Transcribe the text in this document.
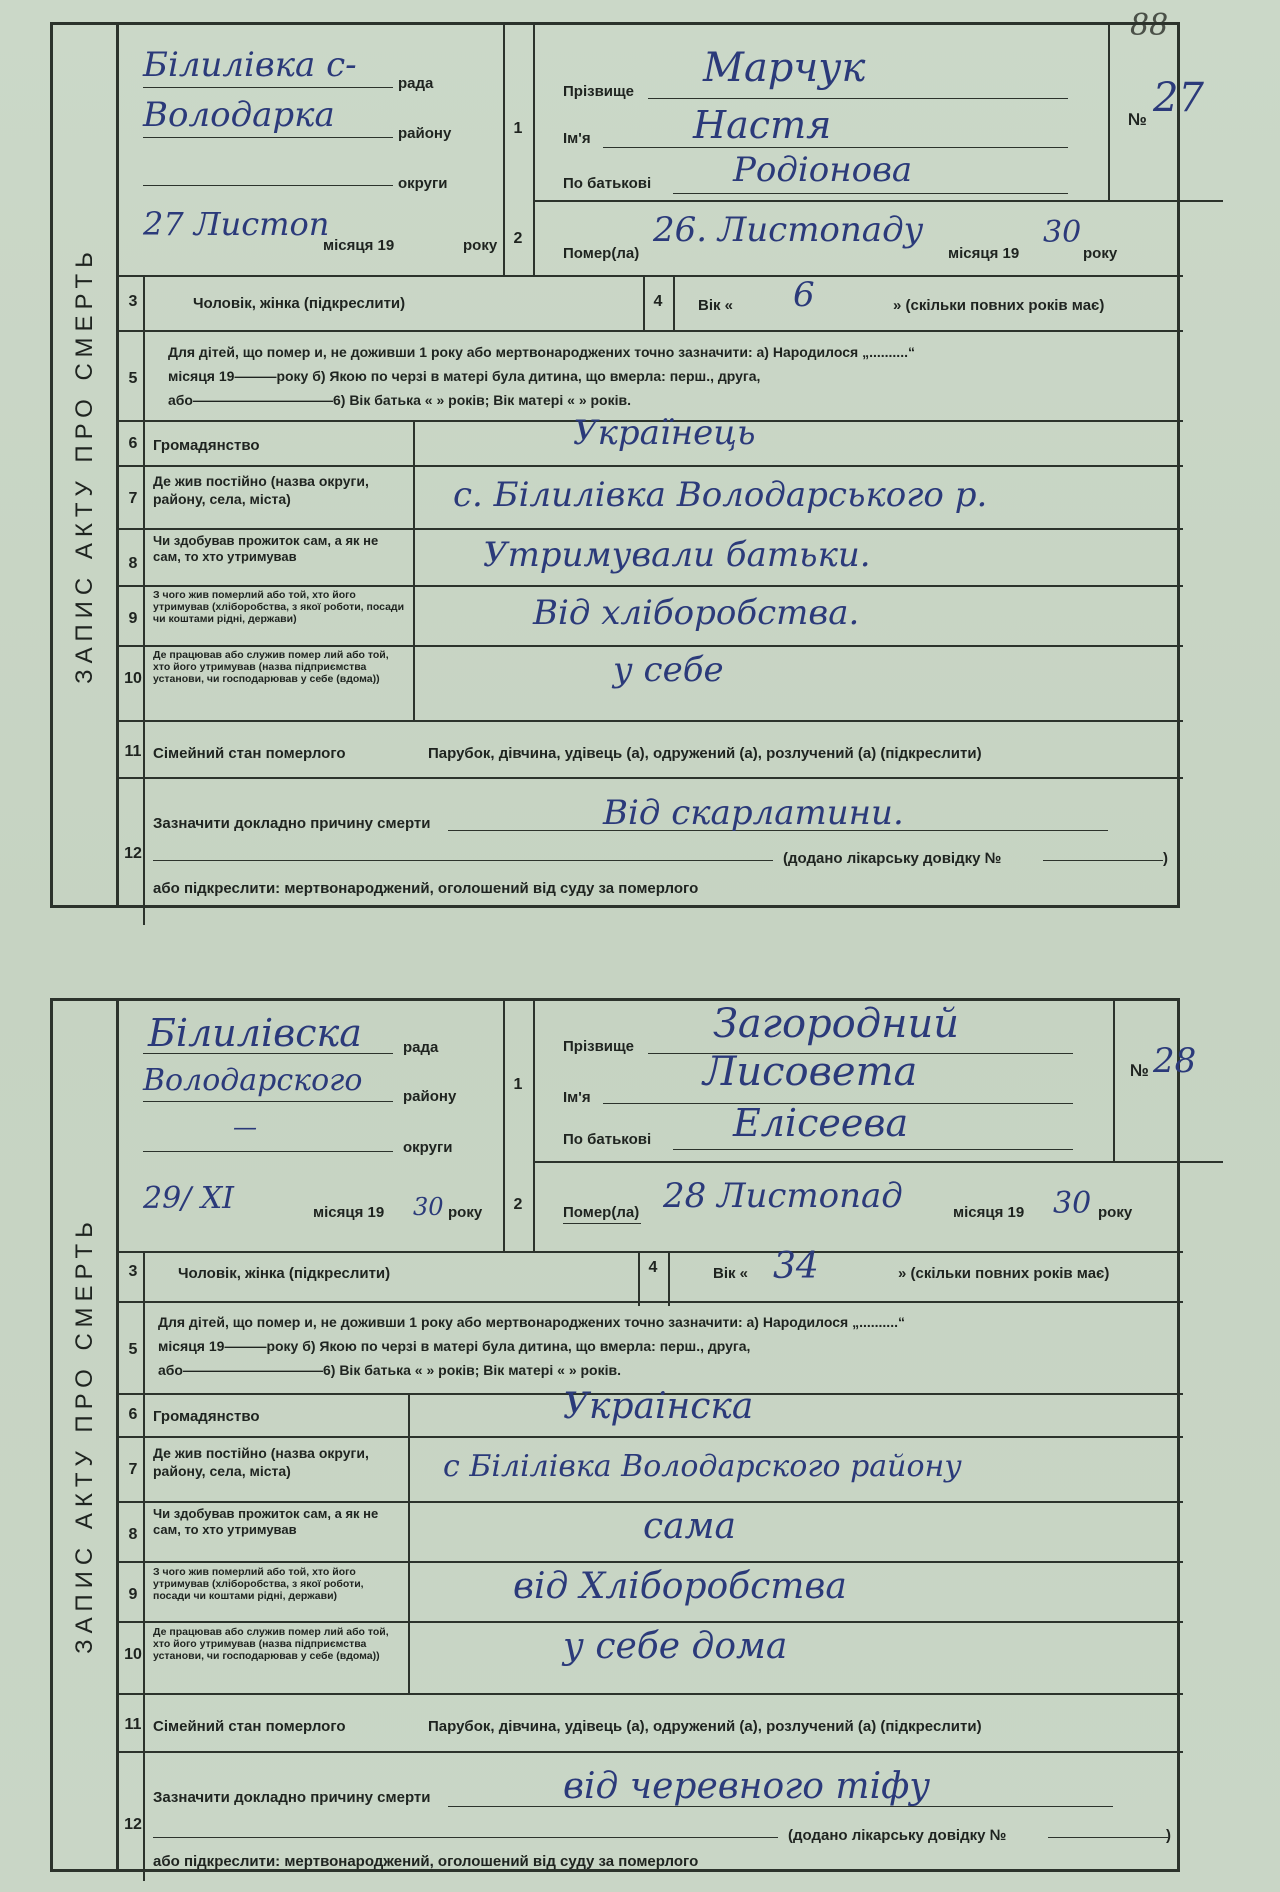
88
ЗАПИС АКТУ ПРО СМЕРТЬ
Білилівка с-	рада
Володарка	району
округи
27 Листоп
місяця 19	року
1
Прізвище
Марчук
Ім'я	Настя
По батькові Родіонова
№ 27
2
Помер(ла)
26. Листопаду
місяця 19
30
року
3	Чоловік, жінка (підкреслити)	4	Вік « 6	» (скільки повних років має)
5
Для дітей, що помер и, не доживши 1 року або мертвонароджених точно зазначити: а) Народилося „..........“
місяця 19———року б) Якою по черзі в матері була дитина, що вмерла: перш., друга,
або——————————6) Вік батька « » років; Вік матері « » років.
6	Громадянство	Українець
7
Де жив постійно (назва округи, району, села, міста)	с. Білилівка Володарського р.
8
Чи здобував прожиток сам, а як не сам, то хто утримував	Утримували батьки.
9
З чого жив померлий або той, хто його утримував (хліборобства, з якої роботи, посади чи коштами рідні, держави)	Від хліборобства.
10
Де працював або служив помер лий або той, хто його утримував (назва підприємства установи, чи господарював у себе (вдома))	у себе
11 Сімейний стан померлого	Парубок, дівчина, удівець (а), одружений (а), розлучений (а) (підкреслити)
12
Зазначити докладно причину смерти	Від скарлатини.
(додано лікарську довідку №	)
або підкреслити: мертвонароджений, оголошений від суду за померлого
ЗАПИС АКТУ ПРО СМЕРТЬ
Білилівска	рада
Володарского	району
—
округи
29/ XI	місяця 19 30 року
1
Прізвище Загородний
Ім'я
Лисовета
По батькові Елісеева
№ 28
2	Помер(ла) 28 Листопад	місяця 19 30 року
3	Чоловік, жінка (підкреслити)	4	Вік « 34	» (скільки повних років має)
5
Для дітей, що помер и, не доживши 1 року або мертвонароджених точно зазначити: а) Народилося „..........“
місяця 19———року б) Якою по черзі в матері була дитина, що вмерла: перш., друга,
або——————————6) Вік батька « » років; Вік матері « » років.
6	Громадянство	Украінска
7
Де жив постійно (назва округи, району, села, міста)	с Білілівка Володарского району
8
Чи здобував прожиток сам, а як не сам, то хто утримував	сама
9
З чого жив померлий або той, хто його утримував (хліборобства, з якої роботи, посади чи коштами рідні, держави)	від Хліборобства
10
Де працював або служив помер лий або той, хто його утримував (назва підприємства установи, чи господарював у себе (вдома))	у себе дома
11 Сімейний стан померлого	Парубок, дівчина, удівець (а), одружений (а), розлучений (а) (підкреслити)
12
Зазначити докладно причину смерти	від черевного тіфу
(додано лікарську довідку №	)
або підкреслити: мертвонароджений, оголошений від суду за померлого
